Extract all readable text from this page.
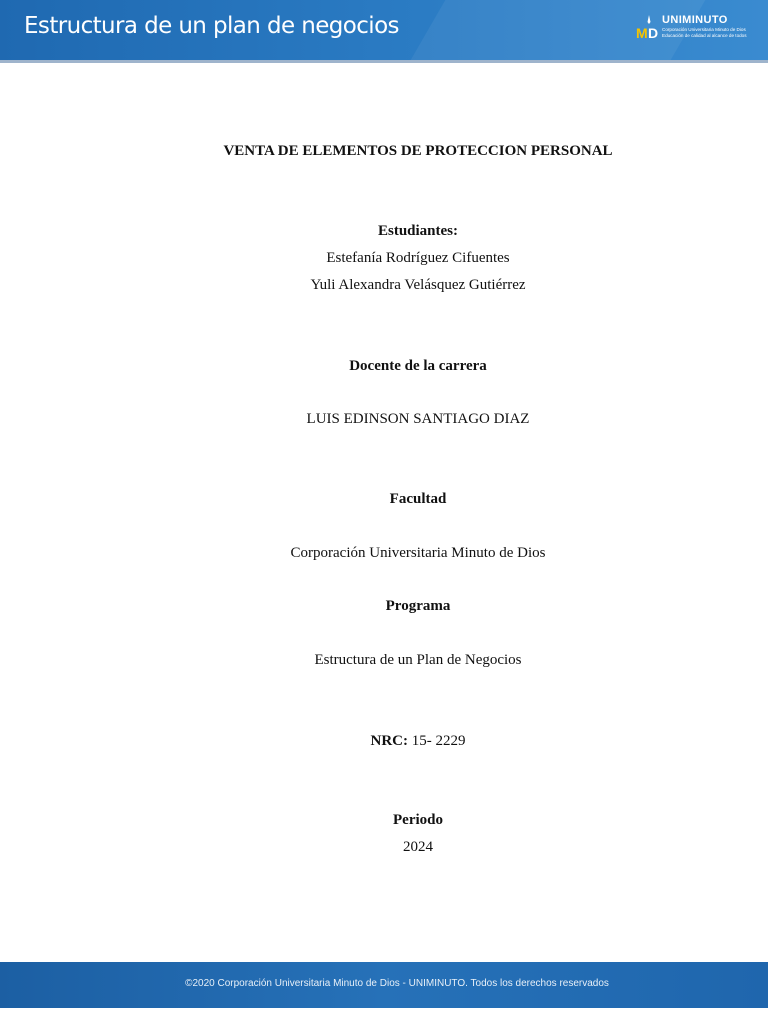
Estructura de un plan de negocios	M D
UNIMINUTO
Corporación Universitaria Minuto de Dios
Educación de calidad al alcance de todos

VENTA DE ELEMENTOS DE PROTECCION PERSONAL

Estudiantes:

Estefanía Rodríguez Cifuentes

Yuli Alexandra Velásquez Gutiérrez

Docente de la carrera

LUIS EDINSON SANTIAGO DIAZ

Facultad

Corporación Universitaria Minuto de Dios

Programa

Estructura de un Plan de Negocios

NRC: 15- 2229

Periodo

2024

©2020 Corporación Universitaria Minuto de Dios - UNIMINUTO. Todos los derechos reservados
